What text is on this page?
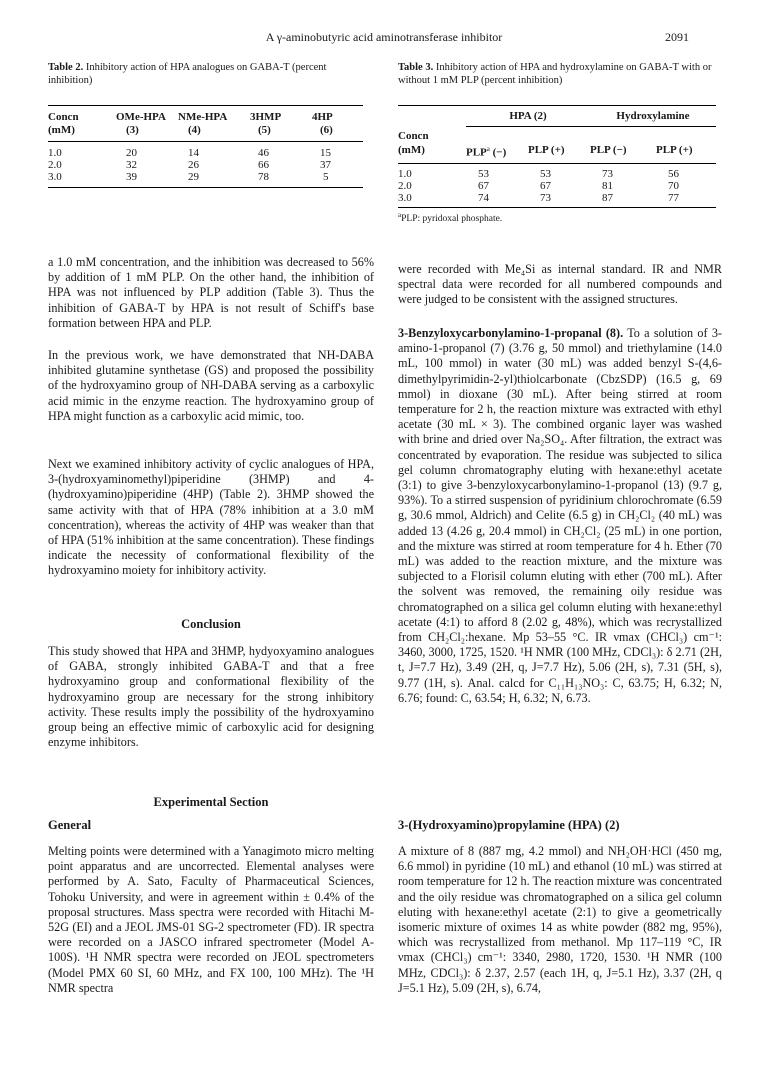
A γ-aminobutyric acid aminotransferase inhibitor	2091
Table 2. Inhibitory action of HPA analogues on GABA-T (percent inhibition)
Concn	OMe-HPA	NMe-HPA	3HMP	4HP
(mM)	(3)	(4)	(5)	(6)
1.0	20	14	46	15
2.0	32	26	66	37
3.0	39	29	78	5
Table 3. Inhibitory action of HPA and hydroxylamine on GABA-T with or without 1 mM PLP (percent inhibition)
	HPA (2)		Hydroxylamine	
Concn				
(mM)	PLP$^a$ (−)	PLP (+)	PLP (−)	PLP (+)
1.0	53	53	73	56
2.0	67	67	81	70
3.0	74	73	87	77
$^a$PLP: pyridoxal phosphate.

a 1.0 mM concentration, and the inhibition was decreased to 56% by addition of 1 mM PLP. On the other hand, the inhibition of HPA was not influenced by PLP addition (Table 3). Thus the inhibition of GABA-T by HPA is not result of Schiff's base formation between HPA and PLP.

In the previous work, we have demonstrated that NH-DABA inhibited glutamine synthetase (GS) and proposed the possibility of the hydroxyamino group of NH-DABA serving as a carboxylic acid mimic in the enzyme reaction. The hydroxyamino group of HPA might function as a carboxylic acid mimic, too.

Next we examined inhibitory activity of cyclic analogues of HPA, 3-(hydroxyaminomethyl)piperidine (3HMP) and 4-(hydroxyamino)piperidine (4HP) (Table 2). 3HMP showed the same activity with that of HPA (78% inhibition at a 3.0 mM concentration), whereas the activity of 4HP was weaker than that of HPA (51% inhibition at the same concentration). These findings indicate the necessity of conformational flexibility of the hydroxyamino moiety for inhibitory activity.

Conclusion

This study showed that HPA and 3HMP, hydyoxyamino analogues of GABA, strongly inhibited GABA-T and that a free hydroxyamino group and conformational flexibility of the hydroxyamino group are necessary for the strong inhibitory activity. These results imply the possibility of the hydroxyamino group being an effective mimic of carboxylic acid for designing enzyme inhibitors.

Experimental Section

General

Melting points were determined with a Yanagimoto micro melting point apparatus and are uncorrected. Elemental analyses were performed by A. Sato, Faculty of Pharmaceutical Sciences, Tohoku University, and were in agreement within ± 0.4% of the proposal structures. Mass spectra were recorded with Hitachi M-52G (EI) and a JEOL JMS-01 SG-2 spectrometer (FD). IR spectra were recorded on a JASCO infrared spectrometer (Model A-100S). ¹H NMR spectra were recorded on JEOL spectrometers (Model PMX 60 SI, 60 MHz, and FX 100, 100 MHz). The ¹H NMR spectra

were recorded with Me₄Si as internal standard. IR and NMR spectral data were recorded for all numbered compounds and were judged to be consistent with the assigned structures.

3-Benzyloxycarbonylamino-1-propanal (8). To a solution of 3-amino-1-propanol (7) (3.76 g, 50 mmol) and triethylamine (14.0 mL, 100 mmol) in water (30 mL) was added benzyl S-(4,6-dimethylpyrimidin-2-yl)thiolcarbonate (CbzSDP) (16.5 g, 69 mmol) in dioxane (30 mL). After being stirred at room temperature for 2 h, the reaction mixture was extracted with ethyl acetate (30 mL × 3). The combined organic layer was washed with brine and dried over Na₂SO₄. After filtration, the extract was concentrated by evaporation. The residue was subjected to silica gel column chromatography eluting with hexane:ethyl acetate (3:1) to give 3-benzyloxycarbonylamino-1-propanol (13) (9.7 g, 93%). To a stirred suspension of pyridinium chlorochromate (6.59 g, 30.6 mmol, Aldrich) and Celite (6.5 g) in CH₂Cl₂ (40 mL) was added 13 (4.26 g, 20.4 mmol) in CH₂Cl₂ (25 mL) in one portion, and the mixture was stirred at room temperature for 4 h. Ether (70 mL) was added to the reaction mixture, and the mixture was subjected to a Florisil column eluting with ether (700 mL). After the solvent was removed, the remaining oily residue was chromatographed on a silica gel column eluting with hexane:ethyl acetate (4:1) to afford 8 (2.02 g, 48%), which was recrystallized from CH₂Cl₂:hexane. Mp 53–55 °C. IR νmax (CHCl₃) cm⁻¹: 3460, 3000, 1725, 1520. ¹H NMR (100 MHz, CDCl₃): δ 2.71 (2H, t, J=7.7 Hz), 3.49 (2H, q, J=7.7 Hz), 5.06 (2H, s), 7.31 (5H, s), 9.77 (1H, s). Anal. calcd for C₁₁H₁₃NO₃: C, 63.75; H, 6.32; N, 6.76; found: C, 63.54; H, 6.32; N, 6.73.

3-(Hydroxyamino)propylamine (HPA) (2)

A mixture of 8 (887 mg, 4.2 mmol) and NH₂OH·HCl (450 mg, 6.6 mmol) in pyridine (10 mL) and ethanol (10 mL) was stirred at room temperature for 12 h. The reaction mixture was concentrated and the oily residue was chromatographed on a silica gel column eluting with hexane:ethyl acetate (2:1) to give a geometrically isomeric mixture of oximes 14 as white powder (882 mg, 95%), which was recrystallized from methanol. Mp 117–119 °C, IR νmax (CHCl₃) cm⁻¹: 3340, 2980, 1720, 1530. ¹H NMR (100 MHz, CDCl₃): δ 2.37, 2.57 (each 1H, q, J=5.1 Hz), 3.37 (2H, q J=5.1 Hz), 5.09 (2H, s), 6.74,
